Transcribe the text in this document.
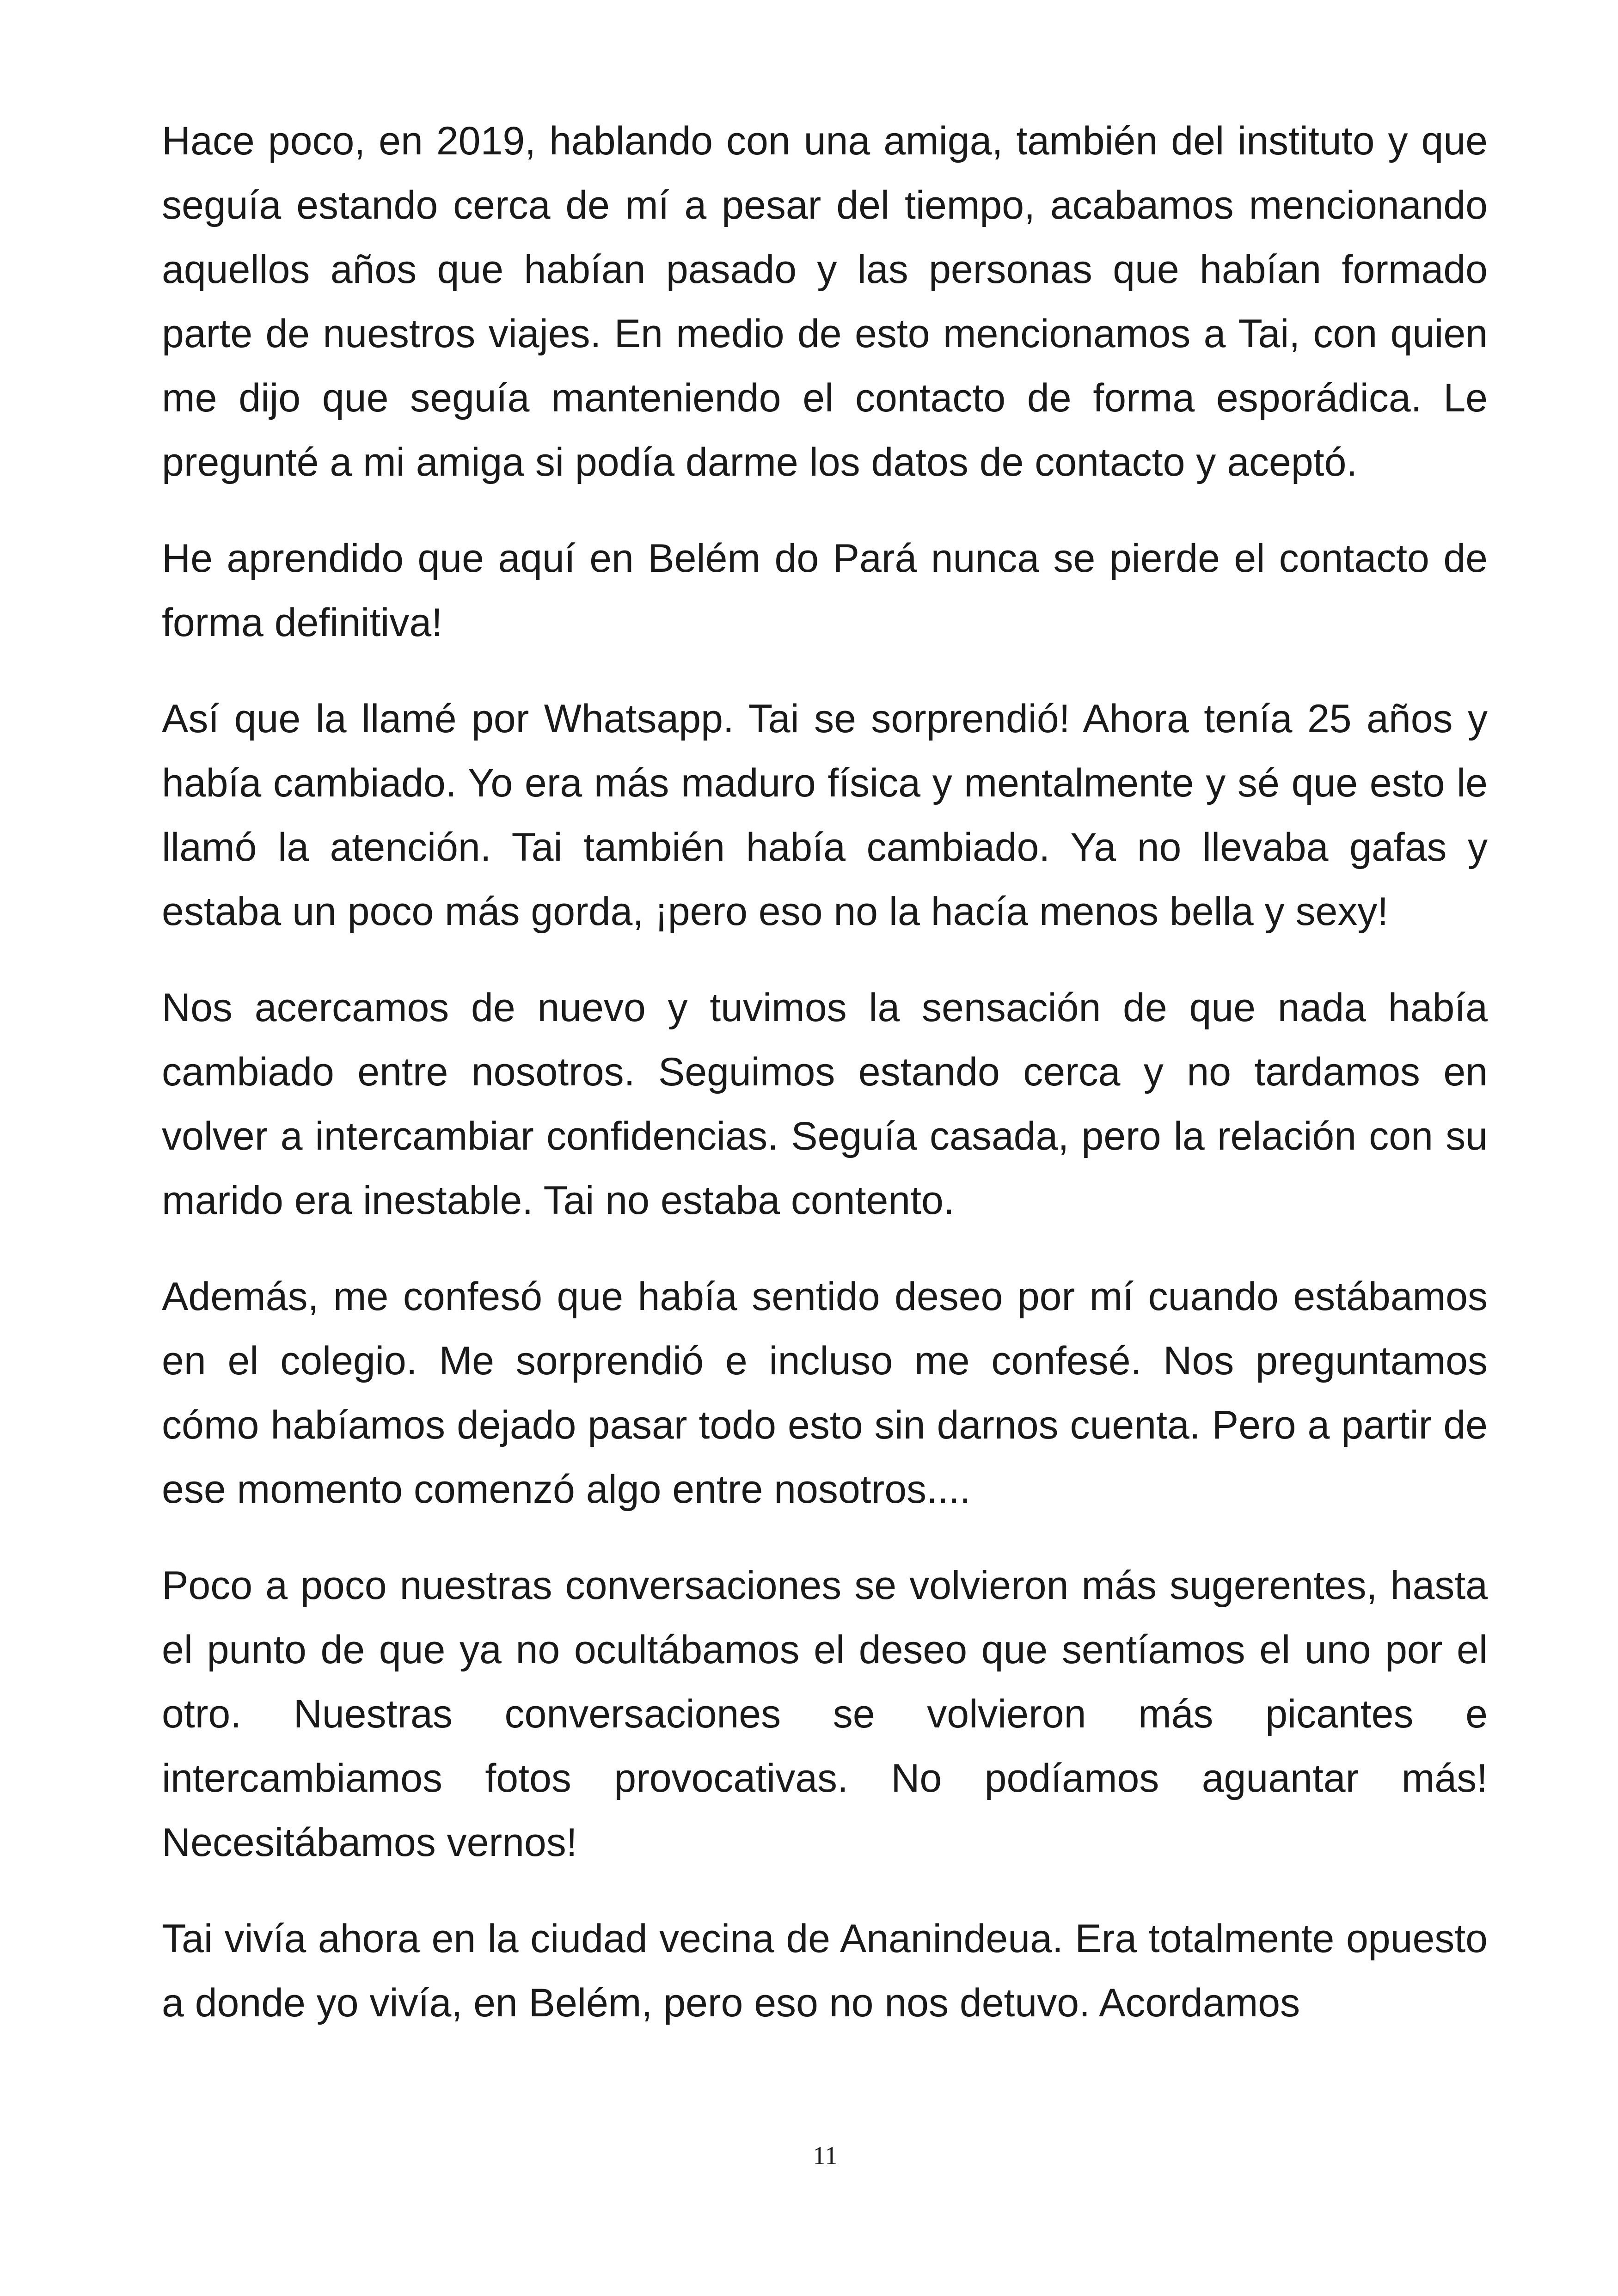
Hace poco, en 2019, hablando con una amiga, también del instituto y que seguía estando cerca de mí a pesar del tiempo, acabamos mencionando aquellos años que habían pasado y las personas que habían formado parte de nuestros viajes. En medio de esto mencionamos a Tai, con quien me dijo que seguía manteniendo el contacto de forma esporádica. Le pregunté a mi amiga si podía darme los datos de contacto y aceptó.

He aprendido que aquí en Belém do Pará nunca se pierde el contacto de forma definitiva!

Así que la llamé por Whatsapp. Tai se sorprendió! Ahora tenía 25 años y había cambiado. Yo era más maduro física y mentalmente y sé que esto le llamó la atención. Tai también había cambiado. Ya no llevaba gafas y estaba un poco más gorda, ¡pero eso no la hacía menos bella y sexy!

Nos acercamos de nuevo y tuvimos la sensación de que nada había cambiado entre nosotros. Seguimos estando cerca y no tardamos en volver a intercambiar confidencias. Seguía casada, pero la relación con su marido era inestable. Tai no estaba contento.

Además, me confesó que había sentido deseo por mí cuando estábamos en el colegio. Me sorprendió e incluso me confesé. Nos preguntamos cómo habíamos dejado pasar todo esto sin darnos cuenta. Pero a partir de ese momento comenzó algo entre nosotros....

Poco a poco nuestras conversaciones se volvieron más sugerentes, hasta el punto de que ya no ocultábamos el deseo que sentíamos el uno por el otro. Nuestras conversaciones se volvieron más picantes e intercambiamos fotos provocativas. No podíamos aguantar más! Necesitábamos vernos!

Tai vivía ahora en la ciudad vecina de Ananindeua. Era totalmente opuesto a donde yo vivía, en Belém, pero eso no nos detuvo. Acordamos

11
